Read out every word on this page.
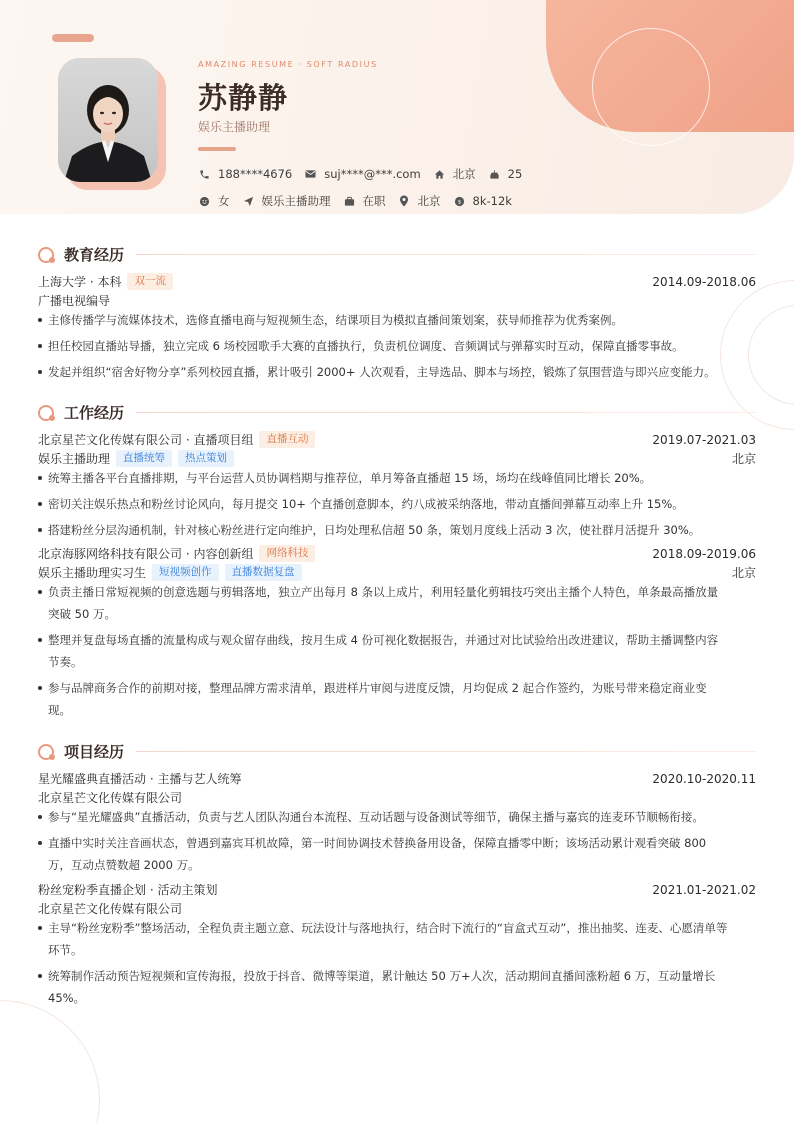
AMAZING RESUME · SOFT RADIUS
苏静静
娱乐主播助理
188****4676	suj****@***.com	北京	25
女	娱乐主播助理	在职	北京 $ 8k-12k
教育经历
上海大学 · 本科	双一流	2014.09-2018.06
广播电视编导
主修传播学与流媒体技术，选修直播电商与短视频生态，结课项目为模拟直播间策划案，获导师推荐为优秀案例。
担任校园直播站导播，独立完成 6 场校园歌手大赛的直播执行，负责机位调度、音频调试与弹幕实时互动，保障直播零事故。
发起并组织“宿舍好物分享”系列校园直播，累计吸引 2000+ 人次观看，主导选品、脚本与场控，锻炼了氛围营造与即兴应变能力。
工作经历
北京星芒文化传媒有限公司 · 直播项目组	直播互动	2019.07-2021.03
娱乐主播助理	直播统筹	热点策划	北京
统筹主播各平台直播排期，与平台运营人员协调档期与推荐位，单月筹备直播超 15 场，场均在线峰值同比增长 20%。
密切关注娱乐热点和粉丝讨论风向，每月提交 10+ 个直播创意脚本，约八成被采纳落地，带动直播间弹幕互动率上升 15%。
搭建粉丝分层沟通机制，针对核心粉丝进行定向维护，日均处理私信超 50 条，策划月度线上活动 3 次，使社群月活提升 30%。
北京海豚网络科技有限公司 · 内容创新组	网络科技	2018.09-2019.06
娱乐主播助理实习生	短视频创作	直播数据复盘	北京
负责主播日常短视频的创意选题与剪辑落地，独立产出每月 8 条以上成片，利用轻量化剪辑技巧突出主播个人特色，单条最高播放量
突破 50 万。
整理并复盘每场直播的流量构成与观众留存曲线，按月生成 4 份可视化数据报告，并通过对比试验给出改进建议，帮助主播调整内容
节奏。
参与品牌商务合作的前期对接，整理品牌方需求清单，跟进样片审阅与进度反馈，月均促成 2 起合作签约，为账号带来稳定商业变
现。
项目经历
星光耀盛典直播活动 · 主播与艺人统筹	2020.10-2020.11
北京星芒文化传媒有限公司
参与“星光耀盛典”直播活动，负责与艺人团队沟通台本流程、互动话题与设备测试等细节，确保主播与嘉宾的连麦环节顺畅衔接。
直播中实时关注音画状态，曾遇到嘉宾耳机故障，第一时间协调技术替换备用设备，保障直播零中断；该场活动累计观看突破 800
万，互动点赞数超 2000 万。
粉丝宠粉季直播企划 · 活动主策划	2021.01-2021.02
北京星芒文化传媒有限公司
主导“粉丝宠粉季”整场活动，全程负责主题立意、玩法设计与落地执行，结合时下流行的“盲盒式互动”，推出抽奖、连麦、心愿清单等
环节。
统筹制作活动预告短视频和宣传海报，投放于抖音、微博等渠道，累计触达 50 万+人次，活动期间直播间涨粉超 6 万，互动量增长
45%。
